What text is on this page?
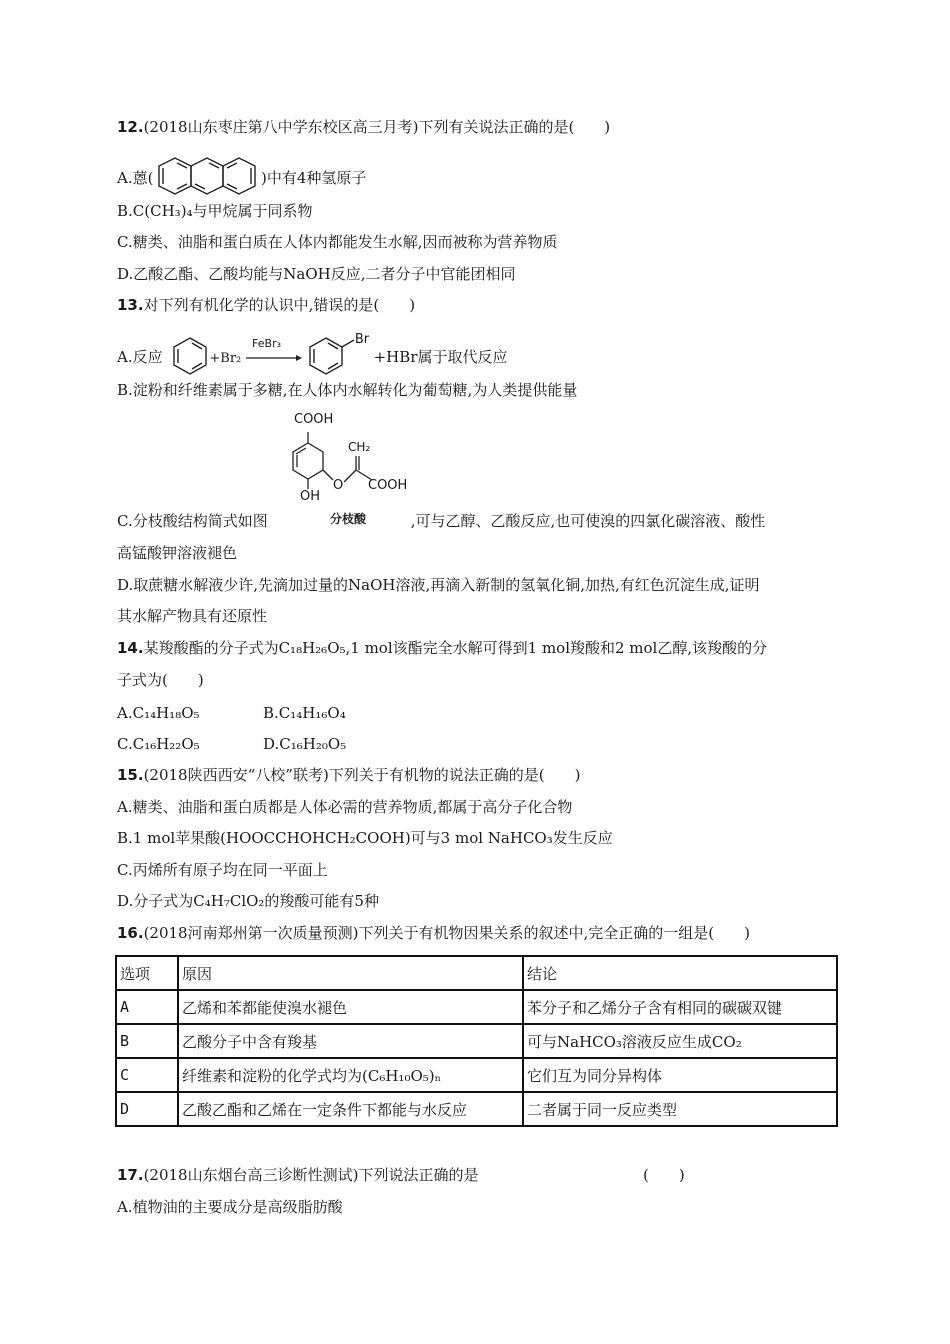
12.(2018山东枣庄第八中学东校区高三月考)下列有关说法正确的是(　　)
A.蒽(	)中有4种氢原子
B.C(CH₃)₄与甲烷属于同系物
C.糖类、油脂和蛋白质在人体内都能发生水解,因而被称为营养物质
D.乙酸乙酯、乙酸均能与NaOH反应,二者分子中官能团相同
13.对下列有机化学的认识中,错误的是(　　)
A.反应	+Br₂
FeBr₃
	Br
+HBr属于取代反应
B.淀粉和纤维素属于多糖,在人体内水解转化为葡萄糖,为人类提供能量
COOH
CH₂
OH
O COOH
分枝酸
C.分枝酸结构简式如图	,可与乙醇、乙酸反应,也可使溴的四氯化碳溶液、酸性
高锰酸钾溶液褪色
D.取蔗糖水解液少许,先滴加过量的NaOH溶液,再滴入新制的氢氧化铜,加热,有红色沉淀生成,证明
其水解产物具有还原性
14.某羧酸酯的分子式为C₁₈H₂₆O₅,1 mol该酯完全水解可得到1 mol羧酸和2 mol乙醇,该羧酸的分
子式为(　　)
A.C₁₄H₁₈O₅	B.C₁₄H₁₆O₄
C.C₁₆H₂₂O₅	D.C₁₆H₂₀O₅
15.(2018陕西西安“八校”联考)下列关于有机物的说法正确的是(　　)
A.糖类、油脂和蛋白质都是人体必需的营养物质,都属于高分子化合物
B.1 mol苹果酸(HOOCCHOHCH₂COOH)可与3 mol NaHCO₃发生反应
C.丙烯所有原子均在同一平面上
D.分子式为C₄H₇ClO₂的羧酸可能有5种
16.(2018河南郑州第一次质量预测)下列关于有机物因果关系的叙述中,完全正确的一组是(　　)
选项	原因	结论
A	乙烯和苯都能使溴水褪色	苯分子和乙烯分子含有相同的碳碳双键
B	乙酸分子中含有羧基	可与NaHCO₃溶液反应生成CO₂
C	纤维素和淀粉的化学式均为(C₆H₁₀O₅)ₙ	它们互为同分异构体
D	乙酸乙酯和乙烯在一定条件下都能与水反应	二者属于同一反应类型
17.(2018山东烟台高三诊断性测试)下列说法正确的是	(　　)
A.植物油的主要成分是高级脂肪酸
